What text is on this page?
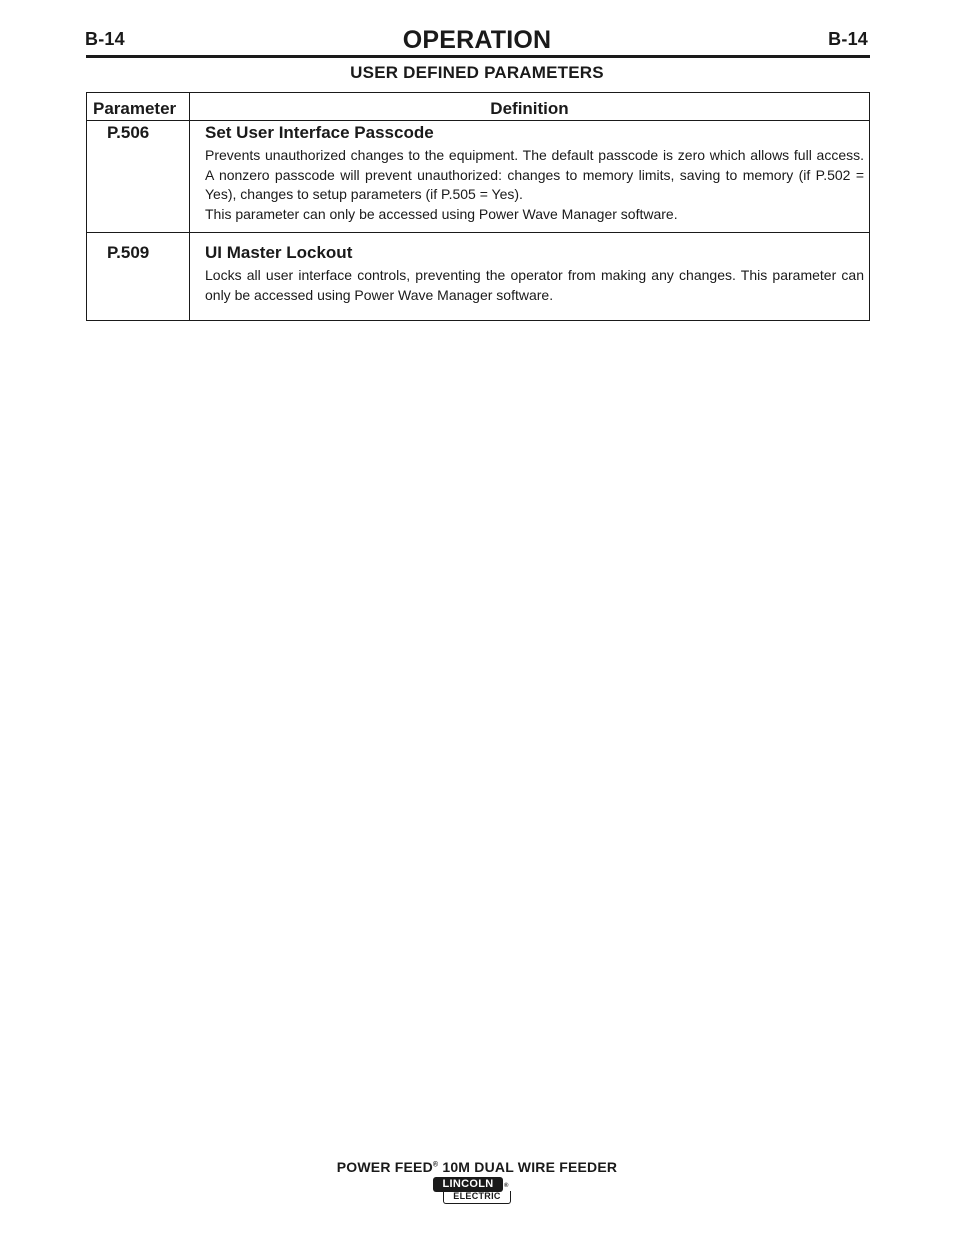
B-14	OPERATION	B-14
USER DEFINED PARAMETERS
Parameter	Definition
P.506	Set User Interface Passcode
Prevents unauthorized changes to the equipment. The default passcode is zero which allows full access. A nonzero passcode will prevent unauthorized: changes to memory limits, saving to memory (if P.502 = Yes), changes to setup parameters (if P.505 = Yes).
This parameter can only be accessed using Power Wave Manager software.
P.509	UI Master Lockout
Locks all user interface controls, preventing the operator from making any changes. This parameter can only be accessed using Power Wave Manager software.
POWER FEED® 10M DUAL WIRE FEEDER
LINCOLN
ELECTRIC
®
